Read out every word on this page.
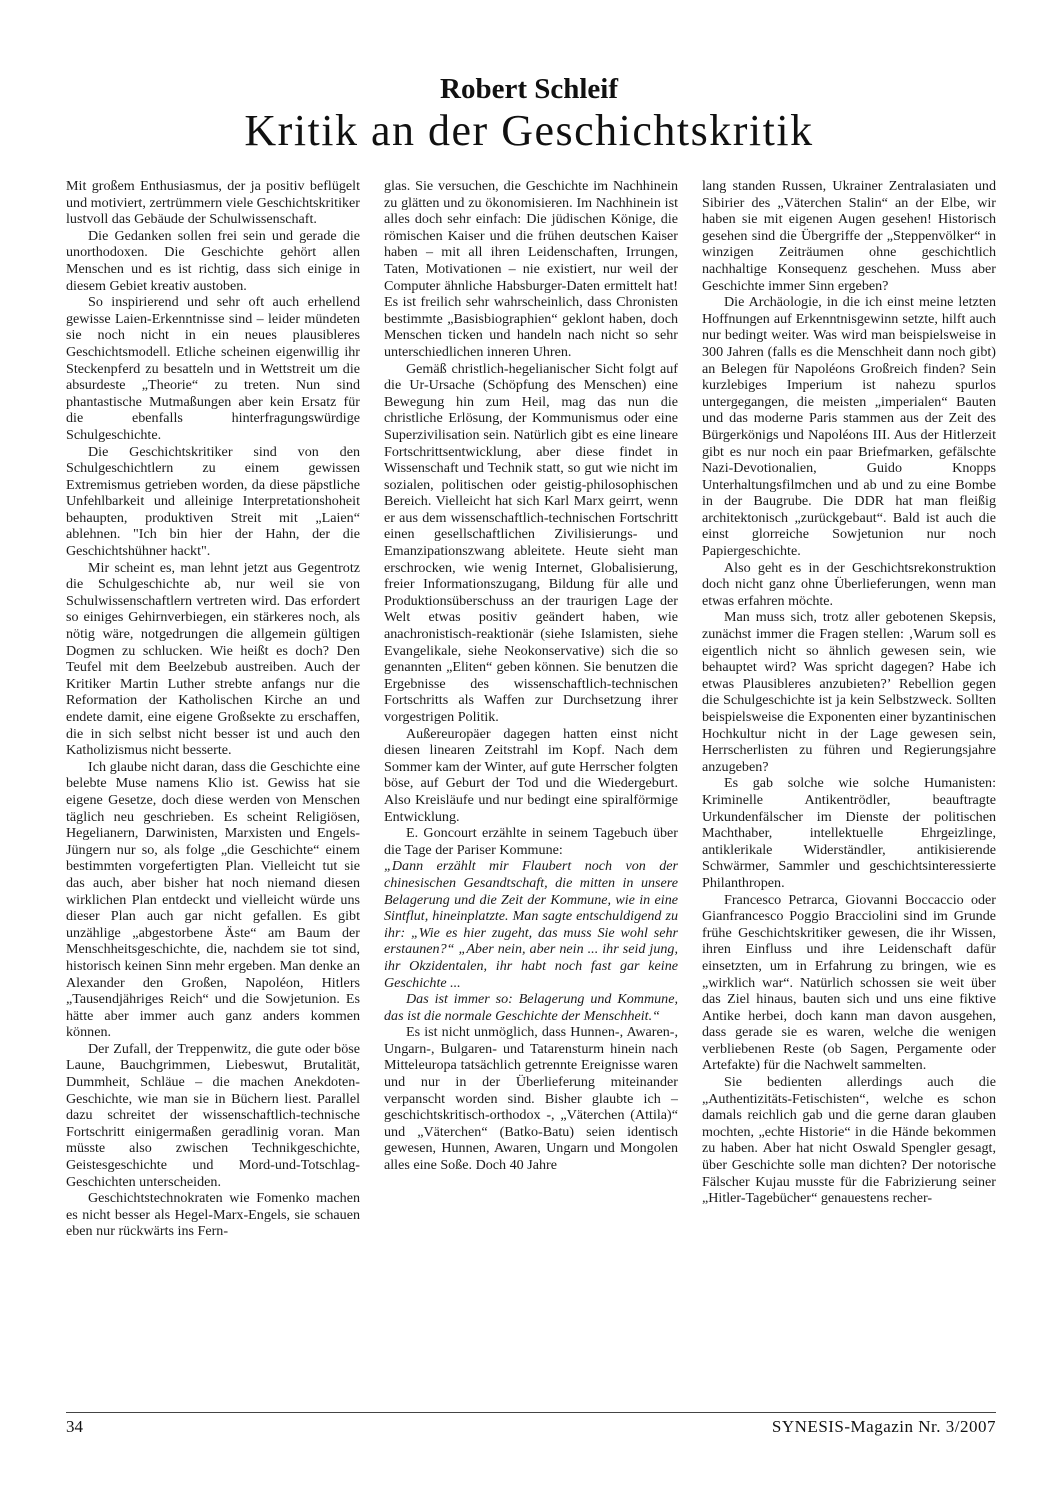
Robert Schleif
Kritik an der Geschichtskritik

Mit großem Enthusiasmus, der ja positiv beflügelt und motiviert, zertrümmern viele Geschichtskritiker lustvoll das Gebäude der Schulwissenschaft.

Die Gedanken sollen frei sein und gerade die unorthodoxen. Die Geschichte gehört allen Menschen und es ist richtig, dass sich einige in diesem Gebiet kreativ austoben.

So inspirierend und sehr oft auch erhellend gewisse Laien-Erkenntnisse sind – leider mündeten sie noch nicht in ein neues plausibleres Geschichtsmodell. Etliche scheinen eigenwillig ihr Steckenpferd zu besatteln und in Wettstreit um die absurdeste „Theorie“ zu treten. Nun sind phantastische Mutmaßungen aber kein Ersatz für die ebenfalls hinterfragungswürdige Schulgeschichte.

Die Geschichtskritiker sind von den Schulgeschichtlern zu einem gewissen Extremismus getrieben worden, da diese päpstliche Unfehlbarkeit und alleinige Interpretationshoheit behaupten, produktiven Streit mit „Laien“ ablehnen. "Ich bin hier der Hahn, der die Geschichtshühner hackt".

Mir scheint es, man lehnt jetzt aus Gegentrotz die Schulgeschichte ab, nur weil sie von Schulwissenschaftlern vertreten wird. Das erfordert so einiges Gehirnverbiegen, ein stärkeres noch, als nötig wäre, notgedrungen die allgemein gültigen Dogmen zu schlucken. Wie heißt es doch? Den Teufel mit dem Beelzebub austreiben. Auch der Kritiker Martin Luther strebte anfangs nur die Reformation der Katholischen Kirche an und endete damit, eine eigene Großsekte zu erschaffen, die in sich selbst nicht besser ist und auch den Katholizismus nicht besserte.

Ich glaube nicht daran, dass die Geschichte eine belebte Muse namens Klio ist. Gewiss hat sie eigene Gesetze, doch diese werden von Menschen täglich neu geschrieben. Es scheint Religiösen, Hegelianern, Darwinisten, Marxisten und Engels-Jüngern nur so, als folge „die Geschichte“ einem bestimmten vorgefertigten Plan. Vielleicht tut sie das auch, aber bisher hat noch niemand diesen wirklichen Plan entdeckt und vielleicht würde uns dieser Plan auch gar nicht gefallen. Es gibt unzählige „abgestorbene Äste“ am Baum der Menschheitsgeschichte, die, nachdem sie tot sind, historisch keinen Sinn mehr ergeben. Man denke an Alexander den Großen, Napoléon, Hitlers „Tausendjähriges Reich“ und die Sowjetunion. Es hätte aber immer auch ganz anders kommen können.

Der Zufall, der Treppenwitz, die gute oder böse Laune, Bauchgrimmen, Liebeswut, Brutalität, Dummheit, Schläue – die machen Anekdoten-Geschichte, wie man sie in Büchern liest. Parallel dazu schreitet der wissenschaftlich-technische Fortschritt einigermaßen geradlinig voran. Man müsste also zwischen Technikgeschichte, Geistesgeschichte und Mord-und-Totschlag-Geschichten unterscheiden.

Geschichtstechnokraten wie Fomenko machen es nicht besser als Hegel-Marx-Engels, sie schauen eben nur rückwärts ins Fern-

glas. Sie versuchen, die Geschichte im Nachhinein zu glätten und zu ökonomisieren. Im Nachhinein ist alles doch sehr einfach: Die jüdischen Könige, die römischen Kaiser und die frühen deutschen Kaiser haben – mit all ihren Leidenschaften, Irrungen, Taten, Motivationen – nie existiert, nur weil der Computer ähnliche Habsburger-Daten ermittelt hat! Es ist freilich sehr wahrscheinlich, dass Chronisten bestimmte „Basisbiographien“ geklont haben, doch Menschen ticken und handeln nach nicht so sehr unterschiedlichen inneren Uhren.

Gemäß christlich-hegelianischer Sicht folgt auf die Ur-Ursache (Schöpfung des Menschen) eine Bewegung hin zum Heil, mag das nun die christliche Erlösung, der Kommunismus oder eine Superzivilisation sein. Natürlich gibt es eine lineare Fortschrittsentwicklung, aber diese findet in Wissenschaft und Technik statt, so gut wie nicht im sozialen, politischen oder geistig-philosophischen Bereich. Vielleicht hat sich Karl Marx geirrt, wenn er aus dem wissenschaftlich-technischen Fortschritt einen gesellschaftlichen Zivilisierungs- und Emanzipationszwang ableitete. Heute sieht man erschrocken, wie wenig Internet, Globalisierung, freier Informationszugang, Bildung für alle und Produktionsüberschuss an der traurigen Lage der Welt etwas positiv geändert haben, wie anachronistisch-reaktionär (siehe Islamisten, siehe Evangelikale, siehe Neokonservative) sich die so genannten „Eliten“ geben können. Sie benutzen die Ergebnisse des wissenschaftlich-technischen Fortschritts als Waffen zur Durchsetzung ihrer vorgestrigen Politik.

Außereuropäer dagegen hatten einst nicht diesen linearen Zeitstrahl im Kopf. Nach dem Sommer kam der Winter, auf gute Herrscher folgten böse, auf Geburt der Tod und die Wiedergeburt. Also Kreisläufe und nur bedingt eine spiralförmige Entwicklung.

E. Goncourt erzählte in seinem Tagebuch über die Tage der Pariser Kommune:

„Dann erzählt mir Flaubert noch von der chinesischen Gesandtschaft, die mitten in unsere Belagerung und die Zeit der Kommune, wie in eine Sintflut, hineinplatzte. Man sagte entschuldigend zu ihr: „Wie es hier zugeht, das muss Sie wohl sehr erstaunen?“ „Aber nein, aber nein ... ihr seid jung, ihr Okzidentalen, ihr habt noch fast gar keine Geschichte ...

Das ist immer so: Belagerung und Kommune, das ist die normale Geschichte der Menschheit.“

Es ist nicht unmöglich, dass Hunnen-, Awaren-, Ungarn-, Bulgaren- und Tatarensturm hinein nach Mitteleuropa tatsächlich getrennte Ereignisse waren und nur in der Überlieferung miteinander verpanscht worden sind. Bisher glaubte ich – geschichtskritisch-orthodox -, „Väterchen (Attila)“ und „Väterchen“ (Batko-Batu) seien identisch gewesen, Hunnen, Awaren, Ungarn und Mongolen alles eine Soße. Doch 40 Jahre

lang standen Russen, Ukrainer Zentralasiaten und Sibirier des „Väterchen Stalin“ an der Elbe, wir haben sie mit eigenen Augen gesehen! Historisch gesehen sind die Übergriffe der „Steppenvölker“ in winzigen Zeiträumen ohne geschichtlich nachhaltige Konsequenz geschehen. Muss aber Geschichte immer Sinn ergeben?

Die Archäologie, in die ich einst meine letzten Hoffnungen auf Erkenntnisgewinn setzte, hilft auch nur bedingt weiter. Was wird man beispielsweise in 300 Jahren (falls es die Menschheit dann noch gibt) an Belegen für Napoléons Großreich finden? Sein kurzlebiges Imperium ist nahezu spurlos untergegangen, die meisten „imperialen“ Bauten und das moderne Paris stammen aus der Zeit des Bürgerkönigs und Napoléons III. Aus der Hitlerzeit gibt es nur noch ein paar Briefmarken, gefälschte Nazi-Devotionalien, Guido Knopps Unterhaltungsfilmchen und ab und zu eine Bombe in der Baugrube. Die DDR hat man fleißig architektonisch „zurückgebaut“. Bald ist auch die einst glorreiche Sowjetunion nur noch Papiergeschichte.

Also geht es in der Geschichtsrekonstruktion doch nicht ganz ohne Überlieferungen, wenn man etwas erfahren möchte.

Man muss sich, trotz aller gebotenen Skepsis, zunächst immer die Fragen stellen: ‚Warum soll es eigentlich nicht so ähnlich gewesen sein, wie behauptet wird? Was spricht dagegen? Habe ich etwas Plausibleres anzubieten?’ Rebellion gegen die Schulgeschichte ist ja kein Selbstzweck. Sollten beispielsweise die Exponenten einer byzantinischen Hochkultur nicht in der Lage gewesen sein, Herrscherlisten zu führen und Regierungsjahre anzugeben?

Es gab solche wie solche Humanisten: Kriminelle Antikentrödler, beauftragte Urkundenfälscher im Dienste der politischen Machthaber, intellektuelle Ehrgeizlinge, antiklerikale Widerständler, antikisierende Schwärmer, Sammler und geschichtsinteressierte Philanthropen.

Francesco Petrarca, Giovanni Boccaccio oder Gianfrancesco Poggio Bracciolini sind im Grunde frühe Geschichtskritiker gewesen, die ihr Wissen, ihren Einfluss und ihre Leidenschaft dafür einsetzten, um in Erfahrung zu bringen, wie es „wirklich war“. Natürlich schossen sie weit über das Ziel hinaus, bauten sich und uns eine fiktive Antike herbei, doch kann man davon ausgehen, dass gerade sie es waren, welche die wenigen verbliebenen Reste (ob Sagen, Pergamente oder Artefakte) für die Nachwelt sammelten.

Sie bedienten allerdings auch die „Authentizitäts-Fetischisten“, welche es schon damals reichlich gab und die gerne daran glauben mochten, „echte Historie“ in die Hände bekommen zu haben. Aber hat nicht Oswald Spengler gesagt, über Geschichte solle man dichten? Der notorische Fälscher Kujau musste für die Fabrizierung seiner „Hitler-Tagebücher“ genauestens recher-

34	SYNESIS-Magazin Nr. 3/2007
